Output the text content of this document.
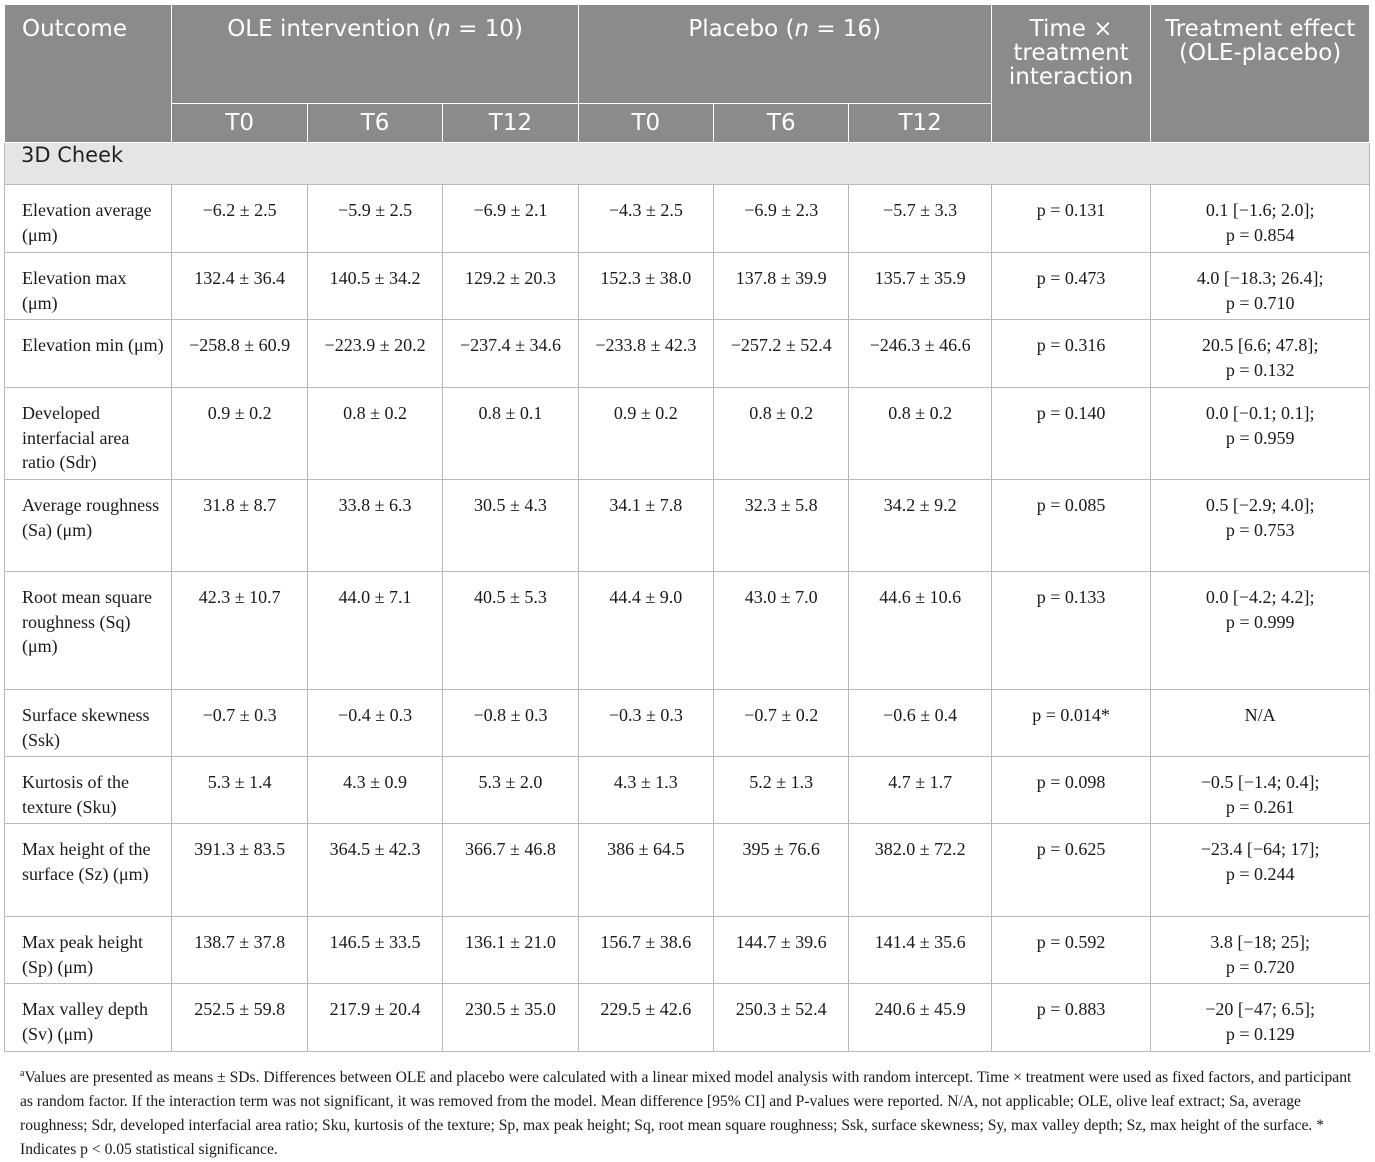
Outcome	OLE intervention (n = 10)			Placebo (n = 16)			Time × treatment interaction	Treatment effect (OLE-placebo)
	T0	T6	T12	T0	T6	T12		
3D Cheek								
Elevation average (μm)	−6.2 ± 2.5	−5.9 ± 2.5	−6.9 ± 2.1	−4.3 ± 2.5	−6.9 ± 2.3	−5.7 ± 3.3	p = 0.131	0.1 [−1.6; 2.0];
p = 0.854

Elevation max (μm)	132.4 ± 36.4	140.5 ± 34.2	129.2 ± 20.3	152.3 ± 38.0	137.8 ± 39.9	135.7 ± 35.9	p = 0.473	4.0 [−18.3; 26.4];
p = 0.710

Elevation min (μm)	−258.8 ± 60.9	−223.9 ± 20.2	−237.4 ± 34.6	−233.8 ± 42.3	−257.2 ± 52.4	−246.3 ± 46.6	p = 0.316	20.5 [6.6; 47.8];
p = 0.132

Developed interfacial area ratio (Sdr)	0.9 ± 0.2	0.8 ± 0.2	0.8 ± 0.1	0.9 ± 0.2	0.8 ± 0.2	0.8 ± 0.2	p = 0.140	0.0 [−0.1; 0.1];
p = 0.959

Average roughness (Sa) (μm)	31.8 ± 8.7	33.8 ± 6.3	30.5 ± 4.3	34.1 ± 7.8	32.3 ± 5.8	34.2 ± 9.2	p = 0.085	0.5 [−2.9; 4.0];
p = 0.753

Root mean square roughness (Sq) (μm)	42.3 ± 10.7	44.0 ± 7.1	40.5 ± 5.3	44.4 ± 9.0	43.0 ± 7.0	44.6 ± 10.6	p = 0.133	0.0 [−4.2; 4.2];
p = 0.999

Surface skewness (Ssk)	−0.7 ± 0.3	−0.4 ± 0.3	−0.8 ± 0.3	−0.3 ± 0.3	−0.7 ± 0.2	−0.6 ± 0.4	p = 0.014*	N/A

Kurtosis of the texture (Sku)	5.3 ± 1.4	4.3 ± 0.9	5.3 ± 2.0	4.3 ± 1.3	5.2 ± 1.3	4.7 ± 1.7	p = 0.098	−0.5 [−1.4; 0.4];
p = 0.261

Max height of the surface (Sz) (μm)	391.3 ± 83.5	364.5 ± 42.3	366.7 ± 46.8	386 ± 64.5	395 ± 76.6	382.0 ± 72.2	p = 0.625	−23.4 [−64; 17];
p = 0.244

Max peak height (Sp) (μm)	138.7 ± 37.8	146.5 ± 33.5	136.1 ± 21.0	156.7 ± 38.6	144.7 ± 39.6	141.4 ± 35.6	p = 0.592	3.8 [−18; 25];
p = 0.720

Max valley depth (Sv) (μm)	252.5 ± 59.8	217.9 ± 20.4	230.5 ± 35.0	229.5 ± 42.6	250.3 ± 52.4	240.6 ± 45.9	p = 0.883	−20 [−47; 6.5];
p = 0.129
$^a$Values are presented as means ± SDs. Differences between OLE and placebo were calculated with a linear mixed model analysis with random intercept. Time × treatment were used as fixed factors, and participant as random factor. If the interaction term was not significant, it was removed from the model. Mean difference [95% CI] and P-values were reported. N/A, not applicable; OLE, olive leaf extract; Sa, average roughness; Sdr, developed interfacial area ratio; Sku, kurtosis of the texture; Sp, max peak height; Sq, root mean square roughness; Ssk, surface skewness; Sy, max valley depth; Sz, max height of the surface. * Indicates p < 0.05 statistical significance.
